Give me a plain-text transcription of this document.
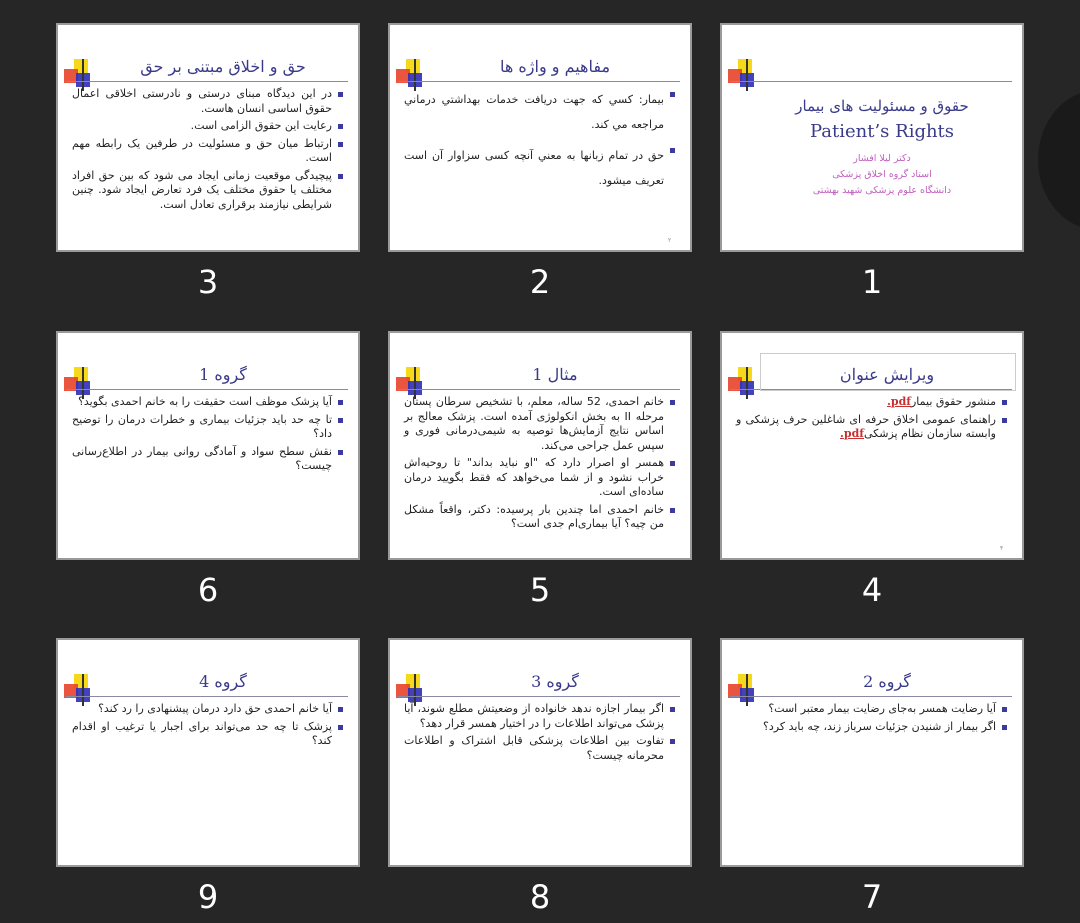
حقوق و مسئولیت های بیمار
Patient’s Rights
دکتر لیلا افشار
استاد گروه اخلاق پزشکی
دانشگاه علوم پزشکی شهید بهشتی
1
مفاهیم و واژه ها
بیمار: کسي که جهت دریافت خدمات بهداشتي درماني مراجعه مي کند.
حق در تمام زبانها به معني آنچه کسی سزاوار آن است تعریف میشود.
۲
2
حق و اخلاق مبتنی بر حق
در این دیدگاه مبنای درستی و نادرستی اخلاقی اعمال حقوق اساسی انسان هاست.
رعایت این حقوق الزامی است.
ارتباط میان حق و مسئولیت در طرفین یک رابطه مهم است.
پیچیدگی موقعیت زمانی ایجاد می شود که بین حق افراد مختلف یا حقوق مختلف یک فرد تعارض ایجاد شود. چنین شرایطی نیازمند برقراری تعادل است.
3
ویرایش عنوان
منشور حقوق بیمارpdf.
راهنمای عمومی اخلاق حرفه ای شاغلین حرف پزشکی و وابسته سازمان نظام پزشکیpdf.
۴
4
مثال 1
خانم احمدی، 52 ساله، معلم، با تشخیص سرطان پستان مرحله II به بخش انکولوژی آمده است. پزشک معالج بر اساس نتایج آزمایش‌ها توصیه به شیمی‌درمانی فوری و سپس عمل جراحی می‌کند.
همسر او اصرار دارد که "او نباید بداند" تا روحیه‌اش خراب نشود و از شما می‌خواهد که فقط بگویید درمان ساده‌ای است.
خانم احمدی اما چندین بار پرسیده: دکتر، واقعاً مشکل من چیه؟ آیا بیماری‌ام جدی است؟
5
گروه 1
آیا پزشک موظف است حقیقت را به خانم احمدی بگوید؟
تا چه حد باید جزئیات بیماری و خطرات درمان را توضیح داد؟
نقش سطح سواد و آمادگی روانی بیمار در اطلاع‌رسانی چیست؟
6
گروه 2
آیا رضایت همسر به‌جای رضایت بیمار معتبر است؟
اگر بیمار از شنیدن جزئیات سرباز زند، چه باید کرد؟
7
گروه 3
اگر بیمار اجازه ندهد خانواده از وضعیتش مطلع شوند، آیا پزشک می‌تواند اطلاعات را در اختیار همسر قرار دهد؟
تفاوت بین اطلاعات پزشکی قابل اشتراک و اطلاعات محرمانه چیست؟
8
گروه 4
آیا خانم احمدی حق دارد درمان پیشنهادی را رد کند؟
پزشک تا چه حد می‌تواند برای اجبار یا ترغیب او اقدام کند؟
9
